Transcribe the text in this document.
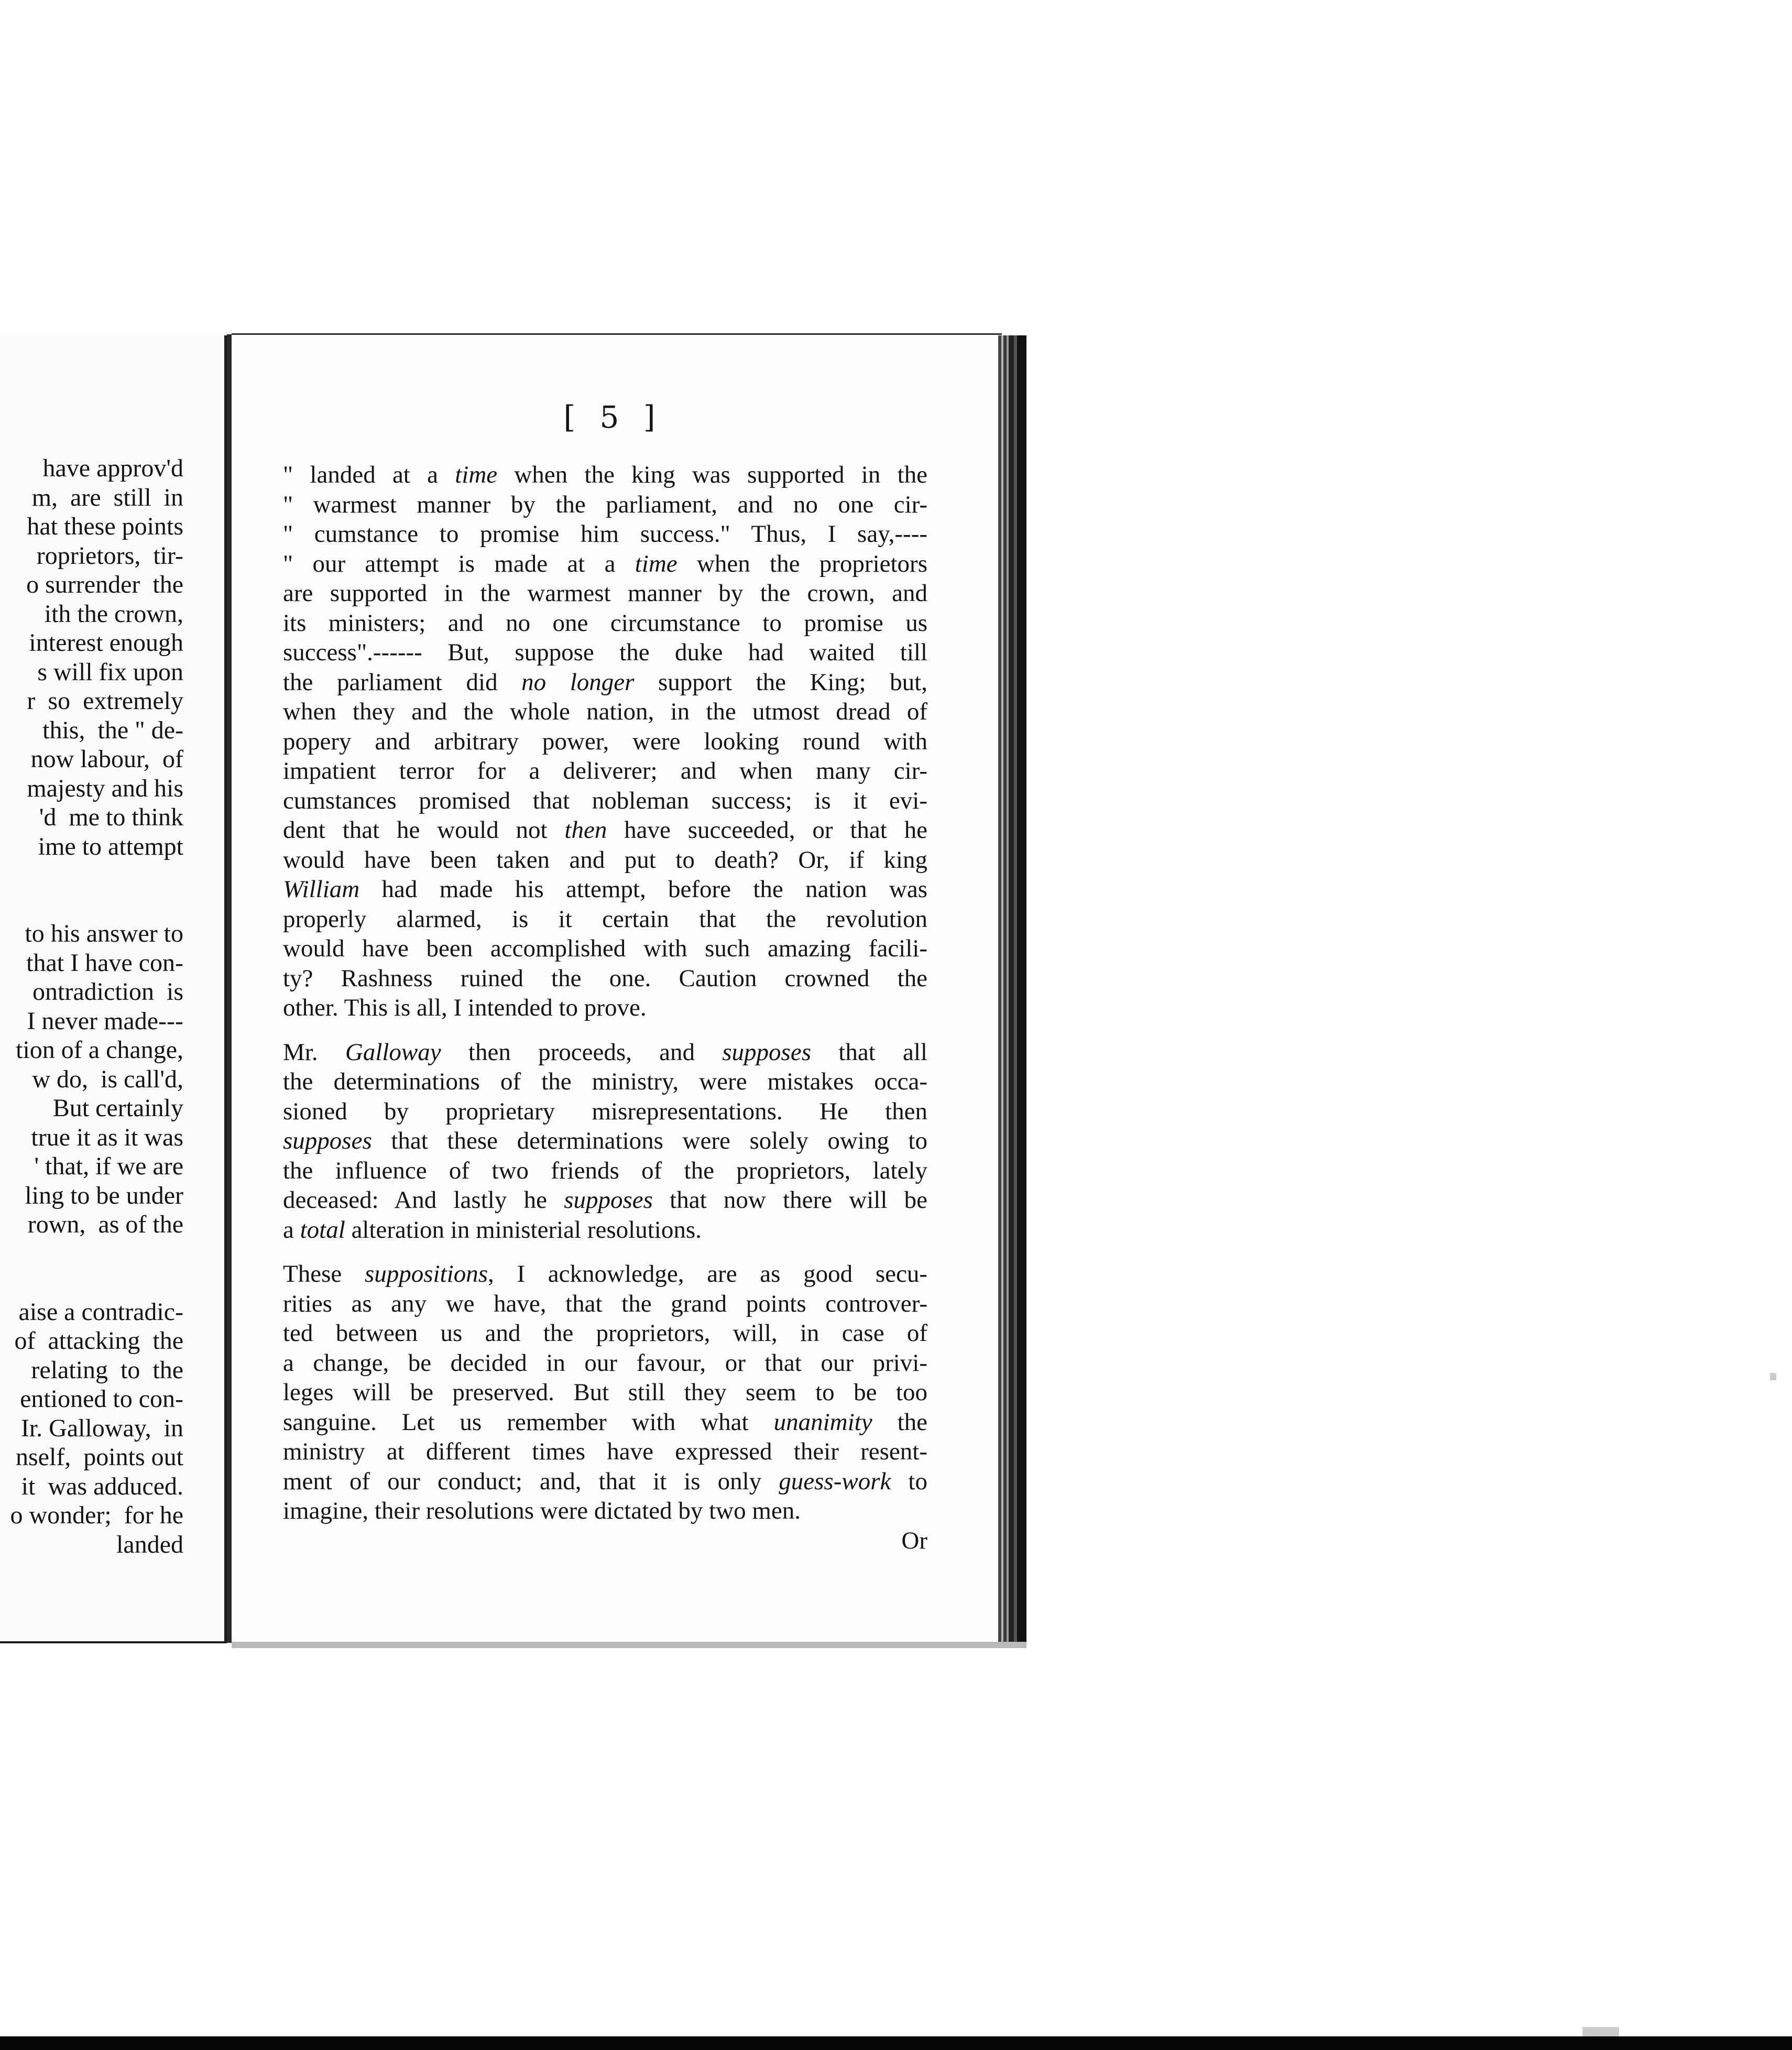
have approv'd
m,  are  still  in
hat these points
roprietors,  tir-
o surrender  the
ith the crown,
interest enough
s will fix upon
r  so  extremely
this,  the " de-
now labour,  of
majesty and his
'd  me to think
ime to attempt
to his answer to
that I have con-
ontradiction  is
I never made---
tion of a change,
w do,  is call'd,
But certainly
true it as it was
' that, if we are
ling to be under
rown,  as of the
aise a contradic-
of  attacking  the
relating  to  the
entioned to con-
Ir. Galloway,  in
nself,  points out
it  was adduced.
o wonder;  for he
landed
[ 5 ]
" landed at a time when the king was supported in the
" warmest manner by the parliament, and no one cir-
" cumstance to promise him success." Thus, I say,----
" our attempt is made at a time when the proprietors
are supported in the warmest manner by the crown, and
its ministers; and no one circumstance to promise us
success".------ But, suppose the duke had waited till
the parliament did no longer support the King; but,
when they and the whole nation, in the utmost dread of
popery and arbitrary power, were looking round with
impatient terror for a deliverer; and when many cir-
cumstances promised that nobleman success; is it evi-
dent that he would not then have succeeded, or that he
would have been taken and put to death? Or, if king
William had made his attempt, before the nation was
properly alarmed, is it certain that the revolution
would have been accomplished with such amazing facili-
ty? Rashness ruined the one. Caution crowned the
other. This is all, I intended to prove.
Mr. Galloway then proceeds, and supposes that all
the determinations of the ministry, were mistakes occa-
sioned by proprietary misrepresentations. He then
supposes that these determinations were solely owing to
the influence of two friends of the proprietors, lately
deceased: And lastly he supposes that now there will be
a total alteration in ministerial resolutions.
These suppositions, I acknowledge, are as good secu-
rities as any we have, that the grand points controver-
ted between us and the proprietors, will, in case of
a change, be decided in our favour, or that our privi-
leges will be preserved. But still they seem to be too
sanguine. Let us remember with what unanimity the
ministry at different times have expressed their resent-
ment of our conduct; and, that it is only guess-work to
imagine, their resolutions were dictated by two men.
Or
